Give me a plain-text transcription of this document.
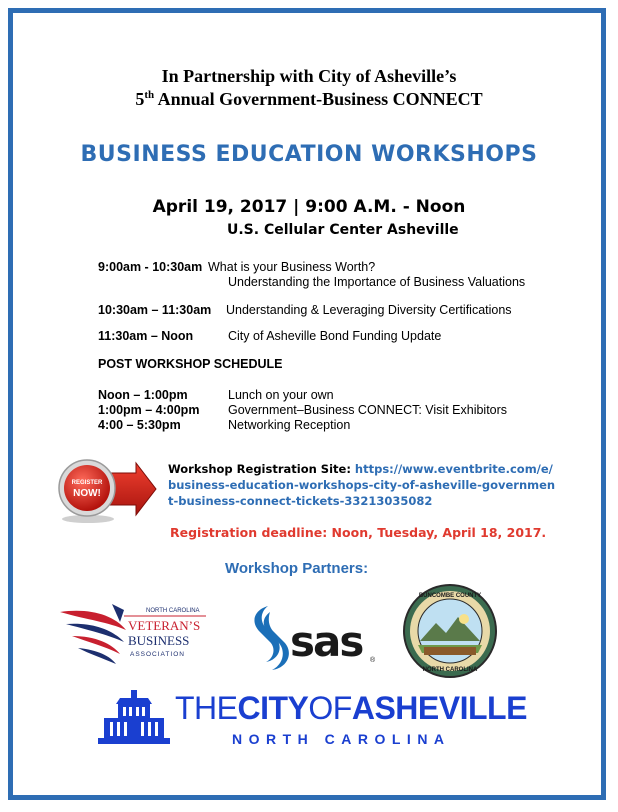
In Partnership with City of Asheville’s
5th Annual Government-Business CONNECT
BUSINESS EDUCATION WORKSHOPS
April 19, 2017 | 9:00 A.M. - Noon
U.S. Cellular Center Asheville
9:00am - 10:30am What is your Business Worth?
Understanding the Importance of Business Valuations
10:30am – 11:30am Understanding & Leveraging Diversity Certifications
11:30am – Noon	City of Asheville Bond Funding Update
POST WORKSHOP SCHEDULE
Noon – 1:00pm	Lunch on your own
1:00pm – 4:00pm Government–Business CONNECT: Visit Exhibitors
4:00 – 5:30pm	Networking Reception
REGISTER
NOW!
Workshop Registration Site: https://www.eventbrite.com/e/business-education-workshops-city-of-asheville-government-business-connect-tickets-33213035082
Registration deadline: Noon, Tuesday, April 18, 2017.
Workshop Partners:
NORTH CAROLINA
VETERAN’S
BUSINESS
ASSOCIATION	sas ®
BUNCOMBE COUNTY
NORTH CAROLINA
THECITYOFASHEVILLE
NORTH CAROLINA
